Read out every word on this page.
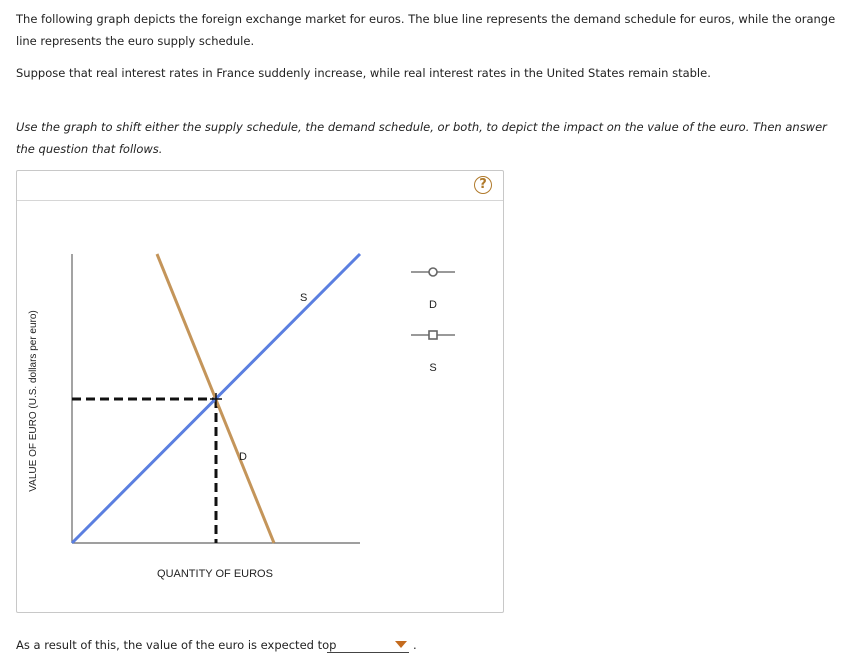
The following graph depicts the foreign exchange market for euros. The blue line represents the demand schedule for euros, while the orange line represents the euro supply schedule.

Suppose that real interest rates in France suddenly increase, while real interest rates in the United States remain stable.

Use the graph to shift either the supply schedule, the demand schedule, or both, to depict the impact on the value of the euro. Then answer the question that follows.

?
S
D
QUANTITY OF EUROS
VALUE OF EURO (U.S. dollars per euro)
D
S
As a result of this, the value of the euro is expected top	.
